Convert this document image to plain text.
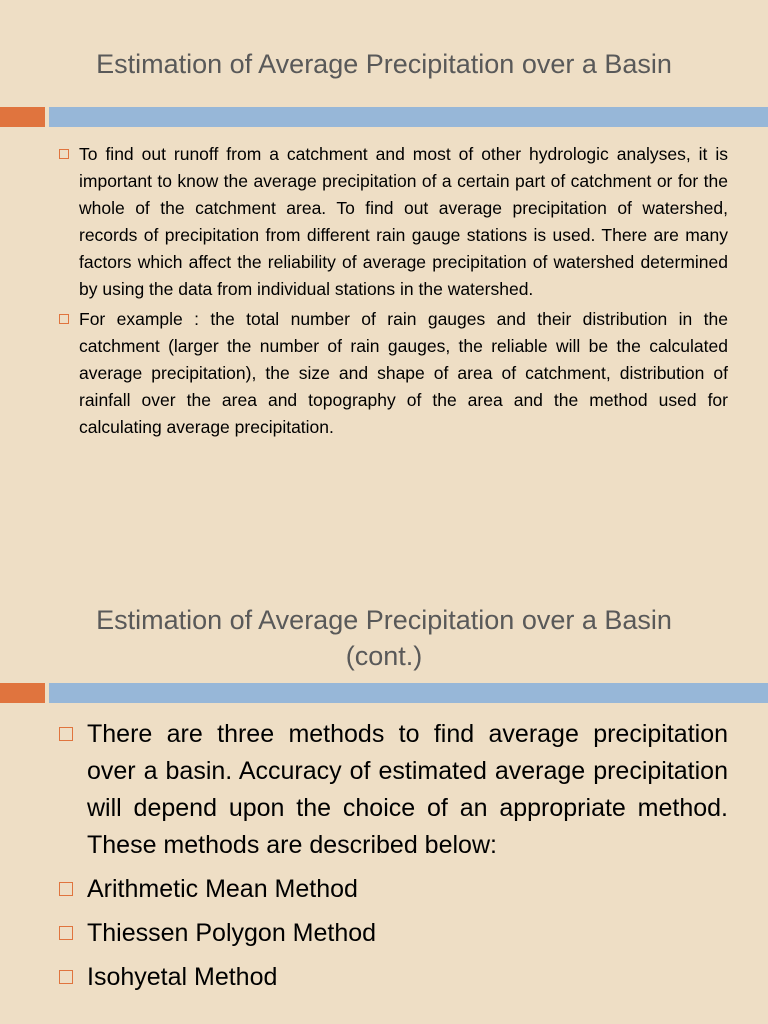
Estimation of Average Precipitation over a Basin
To find out runoff from a catchment and most of other hydrologic analyses, it is important to know the average precipitation of a certain part of catchment or for the whole of the catchment area. To find out average precipitation of watershed, records of precipitation from different rain gauge stations is used. There are many factors which affect the reliability of average precipitation of watershed determined by using the data from individual stations in the watershed.
For example : the total number of rain gauges and their distribution in the catchment (larger the number of rain gauges, the reliable will be the calculated average precipitation), the size and shape of area of catchment, distribution of rainfall over the area and topography of the area and the method used for calculating average precipitation.
Estimation of Average Precipitation over a Basin
(cont.)
There are three methods to find average precipitation over a basin. Accuracy of estimated average precipitation will depend upon the choice of an appropriate method. These methods are described below:
Arithmetic Mean Method
Thiessen Polygon Method
Isohyetal Method
